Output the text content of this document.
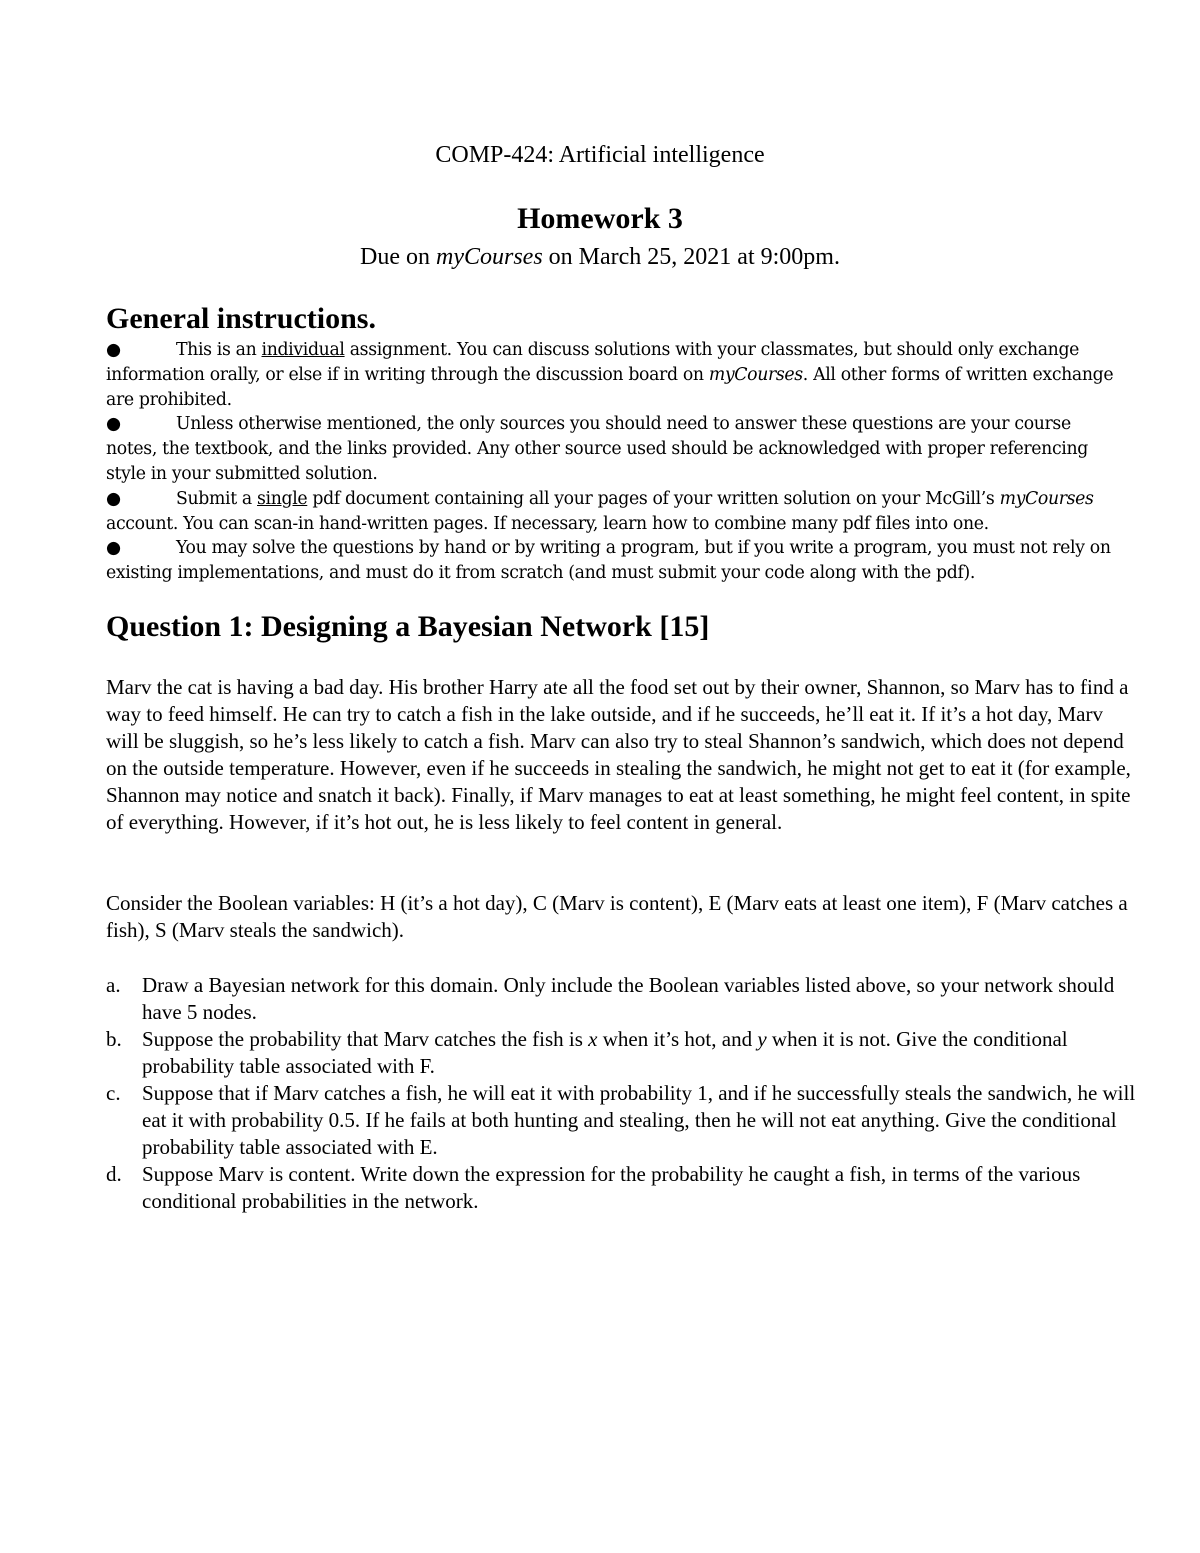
COMP-424: Artificial intelligence
Homework 3
Due on myCourses on March 25, 2021 at 9:00pm.
General instructions.

●	This is an individual assignment. You can discuss solutions with your classmates, but should only exchange information orally, or else if in writing through the discussion board on myCourses. All other forms of written exchange are prohibited.

●	Unless otherwise mentioned, the only sources you should need to answer these questions are your course notes, the textbook, and the links provided. Any other source used should be acknowledged with proper referencing style in your submitted solution.

●	Submit a single pdf document containing all your pages of your written solution on your McGill’s myCourses account. You can scan-in hand-written pages. If necessary, learn how to combine many pdf files into one.

●	You may solve the questions by hand or by writing a program, but if you write a program, you must not rely on existing implementations, and must do it from scratch (and must submit your code along with the pdf).

Question 1: Designing a Bayesian Network [15]

Marv the cat is having a bad day. His brother Harry ate all the food set out by their owner, Shannon, so Marv has to find a way to feed himself. He can try to catch a fish in the lake outside, and if he succeeds, he’ll eat it. If it’s a hot day, Marv will be sluggish, so he’s less likely to catch a fish. Marv can also try to steal Shannon’s sandwich, which does not depend on the outside temperature. However, even if he succeeds in stealing the sandwich, he might not get to eat it (for example, Shannon may notice and snatch it back). Finally, if Marv manages to eat at least something, he might feel content, in spite of everything. However, if it’s hot out, he is less likely to feel content in general.

Consider the Boolean variables: H (it’s a hot day), C (Marv is content), E (Marv eats at least one item), F (Marv catches a fish), S (Marv steals the sandwich).

a. Draw a Bayesian network for this domain. Only include the Boolean variables listed above, so your network should have 5 nodes.

b. Suppose the probability that Marv catches the fish is x when it’s hot, and y when it is not. Give the conditional probability table associated with F.

c. Suppose that if Marv catches a fish, he will eat it with probability 1, and if he successfully steals the sandwich, he will eat it with probability 0.5. If he fails at both hunting and stealing, then he will not eat anything. Give the conditional probability table associated with E.

d. Suppose Marv is content. Write down the expression for the probability he caught a fish, in terms of the various conditional probabilities in the network.
